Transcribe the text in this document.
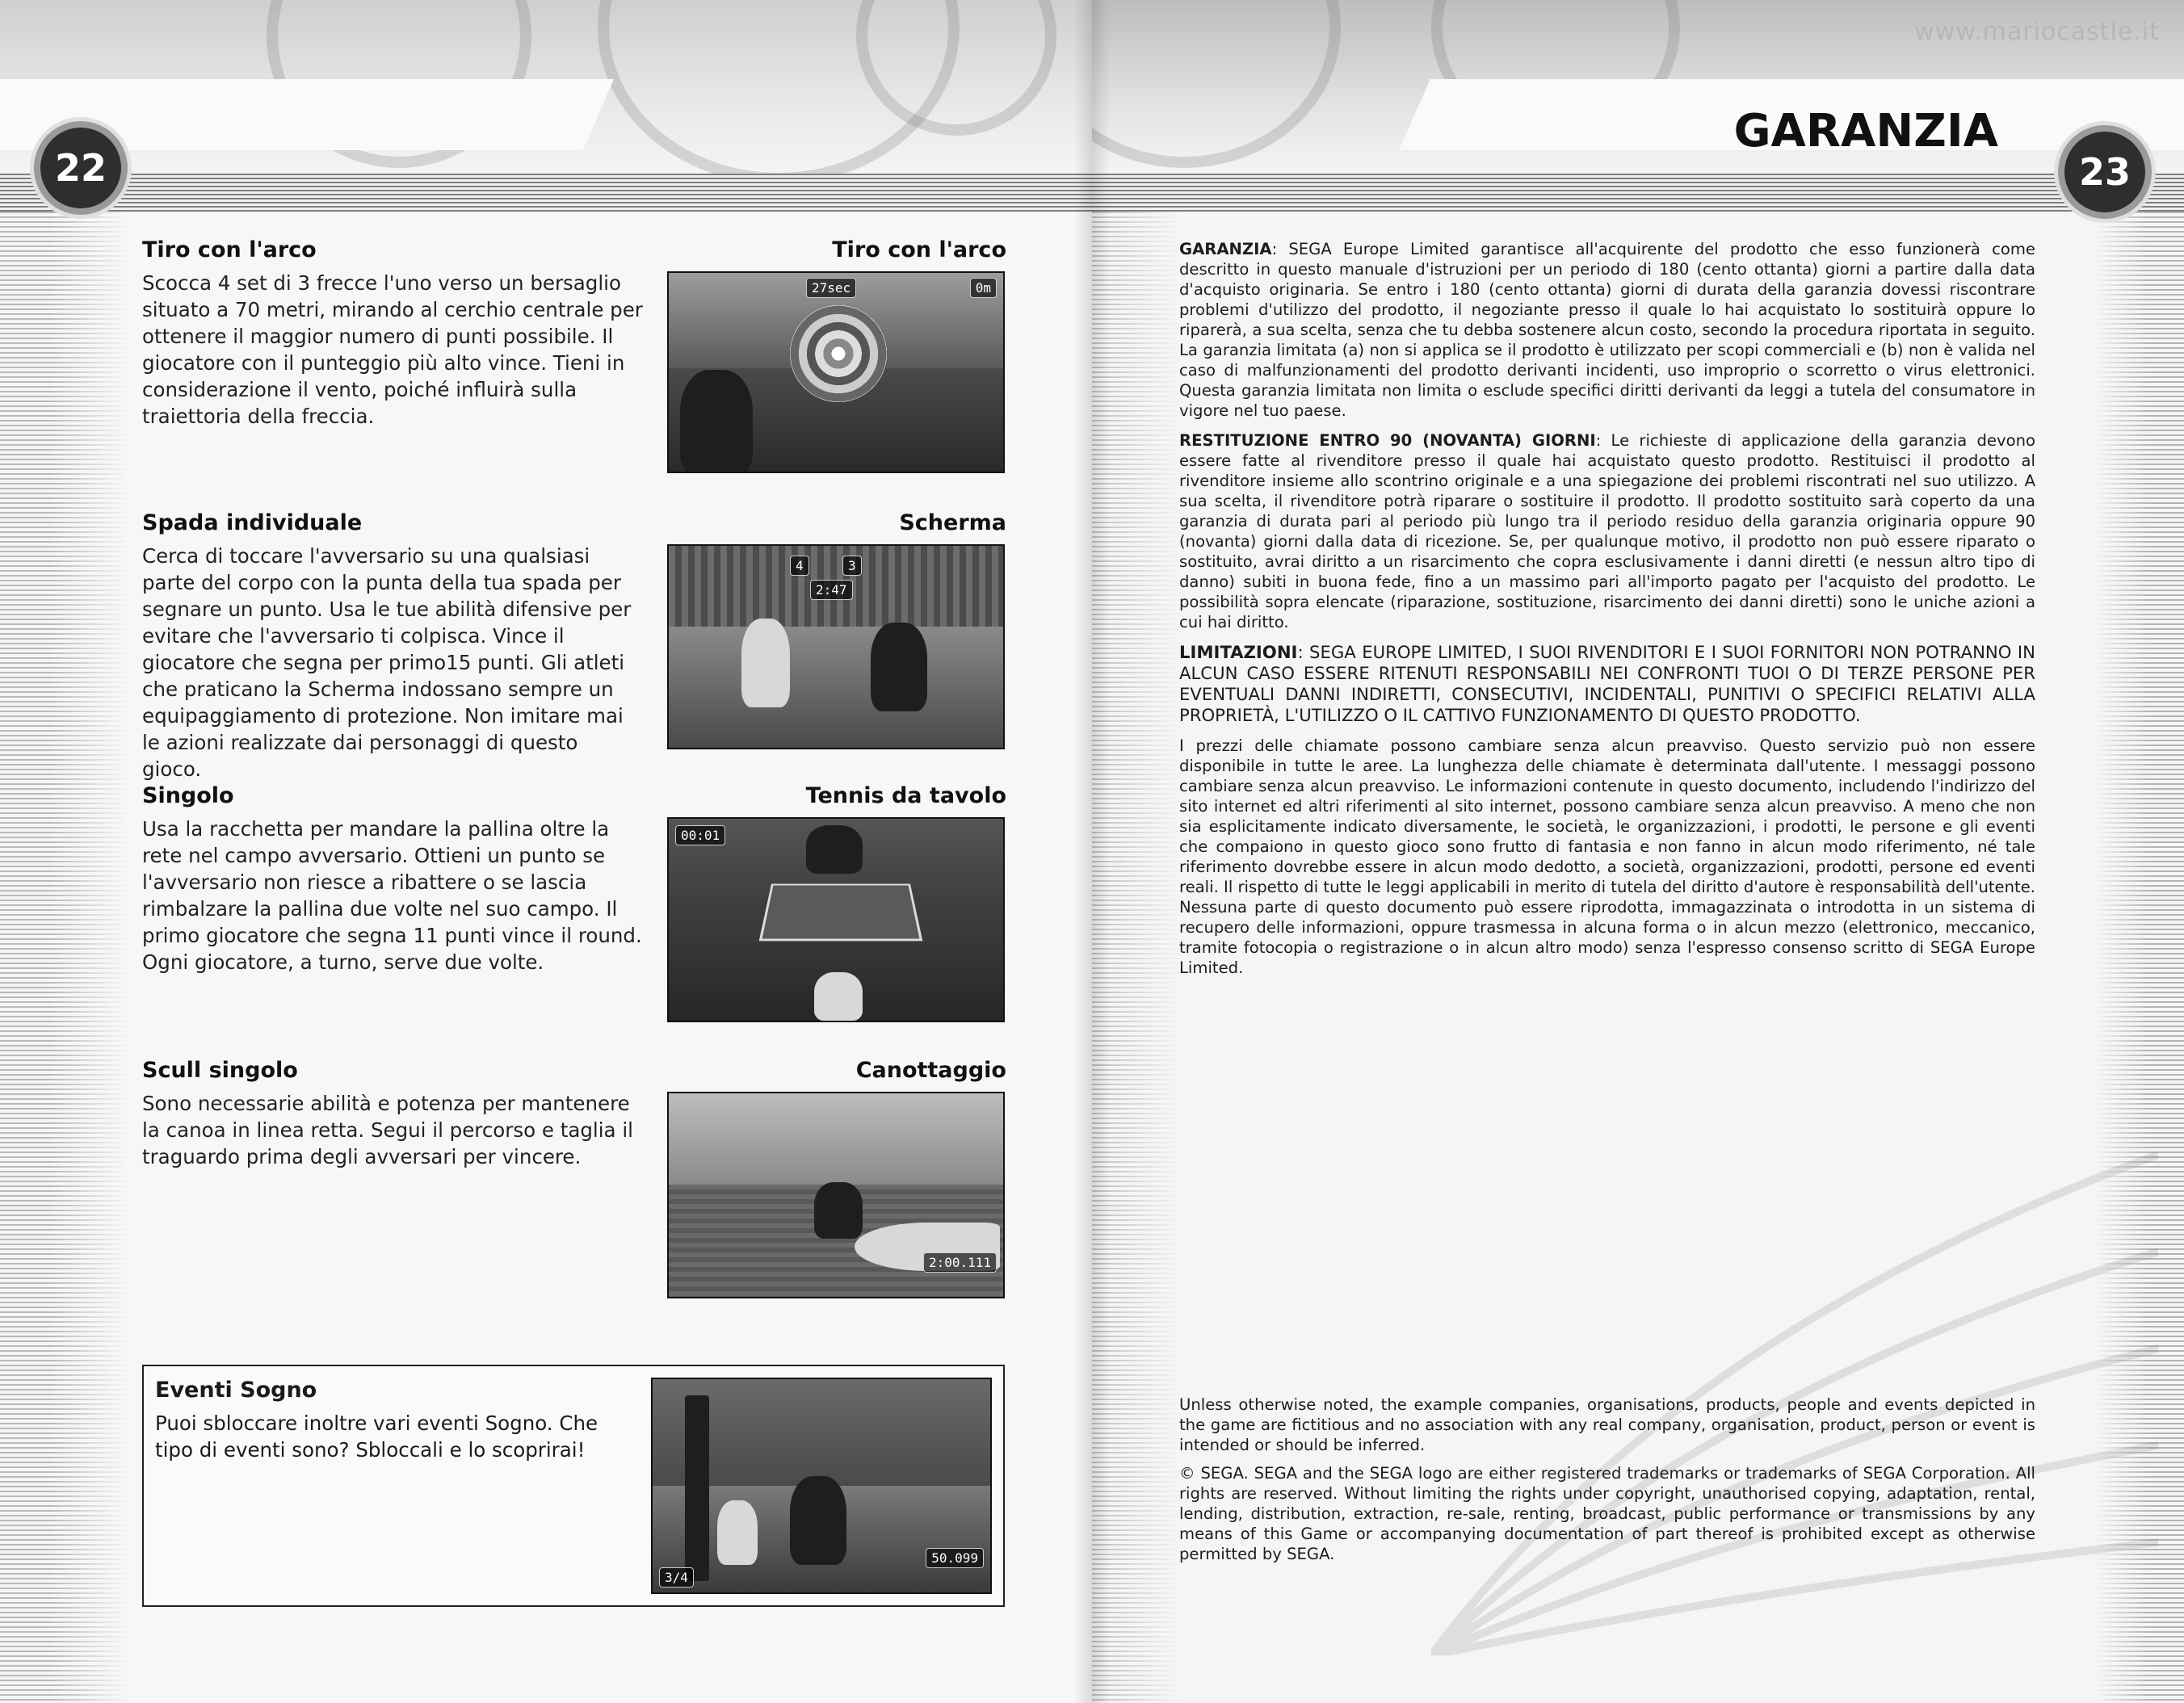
22
Tiro con l'arco	Tiro con l'arco
Scocca 4 set di 3 frecce l'uno verso un bersaglio situato a 70 metri, mirando al cerchio centrale per ottenere il maggior numero di punti possibile. Il giocatore con il punteggio più alto vince. Tieni in considerazione il vento, poiché influirà sulla traiettoria della freccia.
27sec	0m
Spada individuale	Scherma
Cerca di toccare l'avversario su una qualsiasi parte del corpo con la punta della tua spada per segnare un punto. Usa le tue abilità difensive per evitare che l'avversario ti colpisca. Vince il giocatore che segna per primo15 punti. Gli atleti che praticano la Scherma indossano sempre un equipaggiamento di protezione. Non imitare mai le azioni realizzate dai personaggi di questo gioco.
4	3
2:47
Singolo	Tennis da tavolo
Usa la racchetta per mandare la pallina oltre la rete nel campo avversario. Ottieni un punto se l'avversario non riesce a ribattere o se lascia rimbalzare la pallina due volte nel suo campo. Il primo giocatore che segna 11 punti vince il round. Ogni giocatore, a turno, serve due volte.
00:01
Scull singolo	Canottaggio
Sono necessarie abilità e potenza per mantenere la canoa in linea retta. Segui il percorso e taglia il traguardo prima degli avversari per vincere.
2:00.111
Eventi Sogno
Puoi sbloccare inoltre vari eventi Sogno. Che tipo di eventi sono? Sbloccali e lo scoprirai!
50.099
3/4
www.mariocastle.it
GARANZIA
23

GARANZIA: SEGA Europe Limited garantisce all'acquirente del prodotto che esso funzionerà come descritto in questo manuale d'istruzioni per un periodo di 180 (cento ottanta) giorni a partire dalla data d'acquisto originaria. Se entro i 180 (cento ottanta) giorni di durata della garanzia dovessi riscontrare problemi d'utilizzo del prodotto, il negoziante presso il quale lo hai acquistato lo sostituirà oppure lo riparerà, a sua scelta, senza che tu debba sostenere alcun costo, secondo la procedura riportata in seguito. La garanzia limitata (a) non si applica se il prodotto è utilizzato per scopi commerciali e (b) non è valida nel caso di malfunzionamenti del prodotto derivanti incidenti, uso improprio o scorretto o virus elettronici. Questa garanzia limitata non limita o esclude specifici diritti derivanti da leggi a tutela del consumatore in vigore nel tuo paese.

RESTITUZIONE ENTRO 90 (NOVANTA) GIORNI: Le richieste di applicazione della garanzia devono essere fatte al rivenditore presso il quale hai acquistato questo prodotto. Restituisci il prodotto al rivenditore insieme allo scontrino originale e a una spiegazione dei problemi riscontrati nel suo utilizzo. A sua scelta, il rivenditore potrà riparare o sostituire il prodotto. Il prodotto sostituito sarà coperto da una garanzia di durata pari al periodo più lungo tra il periodo residuo della garanzia originaria oppure 90 (novanta) giorni dalla data di ricezione. Se, per qualunque motivo, il prodotto non può essere riparato o sostituito, avrai diritto a un risarcimento che copra esclusivamente i danni diretti (e nessun altro tipo di danno) subiti in buona fede, fino a un massimo pari all'importo pagato per l'acquisto del prodotto. Le possibilità sopra elencate (riparazione, sostituzione, risarcimento dei danni diretti) sono le uniche azioni a cui hai diritto.

LIMITAZIONI: SEGA EUROPE LIMITED, I SUOI RIVENDITORI E I SUOI FORNITORI NON POTRANNO IN ALCUN CASO ESSERE RITENUTI RESPONSABILI NEI CONFRONTI TUOI O DI TERZE PERSONE PER EVENTUALI DANNI INDIRETTI, CONSECUTIVI, INCIDENTALI, PUNITIVI O SPECIFICI RELATIVI ALLA PROPRIETÀ, L'UTILIZZO O IL CATTIVO FUNZIONAMENTO DI QUESTO PRODOTTO.

I prezzi delle chiamate possono cambiare senza alcun preavviso. Questo servizio può non essere disponibile in tutte le aree. La lunghezza delle chiamate è determinata dall'utente. I messaggi possono cambiare senza alcun preavviso. Le informazioni contenute in questo documento, includendo l'indirizzo del sito internet ed altri riferimenti al sito internet, possono cambiare senza alcun preavviso. A meno che non sia esplicitamente indicato diversamente, le società, le organizzazioni, i prodotti, le persone e gli eventi che compaiono in questo gioco sono frutto di fantasia e non fanno in alcun modo riferimento, né tale riferimento dovrebbe essere in alcun modo dedotto, a società, organizzazioni, prodotti, persone ed eventi reali. Il rispetto di tutte le leggi applicabili in merito di tutela del diritto d'autore è responsabilità dell'utente. Nessuna parte di questo documento può essere riprodotta, immagazzinata o introdotta in un sistema di recupero delle informazioni, oppure trasmessa in alcuna forma o in alcun mezzo (elettronico, meccanico, tramite fotocopia o registrazione o in alcun altro modo) senza l'espresso consenso scritto di SEGA Europe Limited.

Unless otherwise noted, the example companies, organisations, products, people and events depicted in the game are fictitious and no association with any real company, organisation, product, person or event is intended or should be inferred.

© SEGA. SEGA and the SEGA logo are either registered trademarks or trademarks of SEGA Corporation. All rights are reserved. Without limiting the rights under copyright, unauthorised copying, adaptation, rental, lending, distribution, extraction, re-sale, renting, broadcast, public performance or transmissions by any means of this Game or accompanying documentation of part thereof is prohibited except as otherwise permitted by SEGA.
